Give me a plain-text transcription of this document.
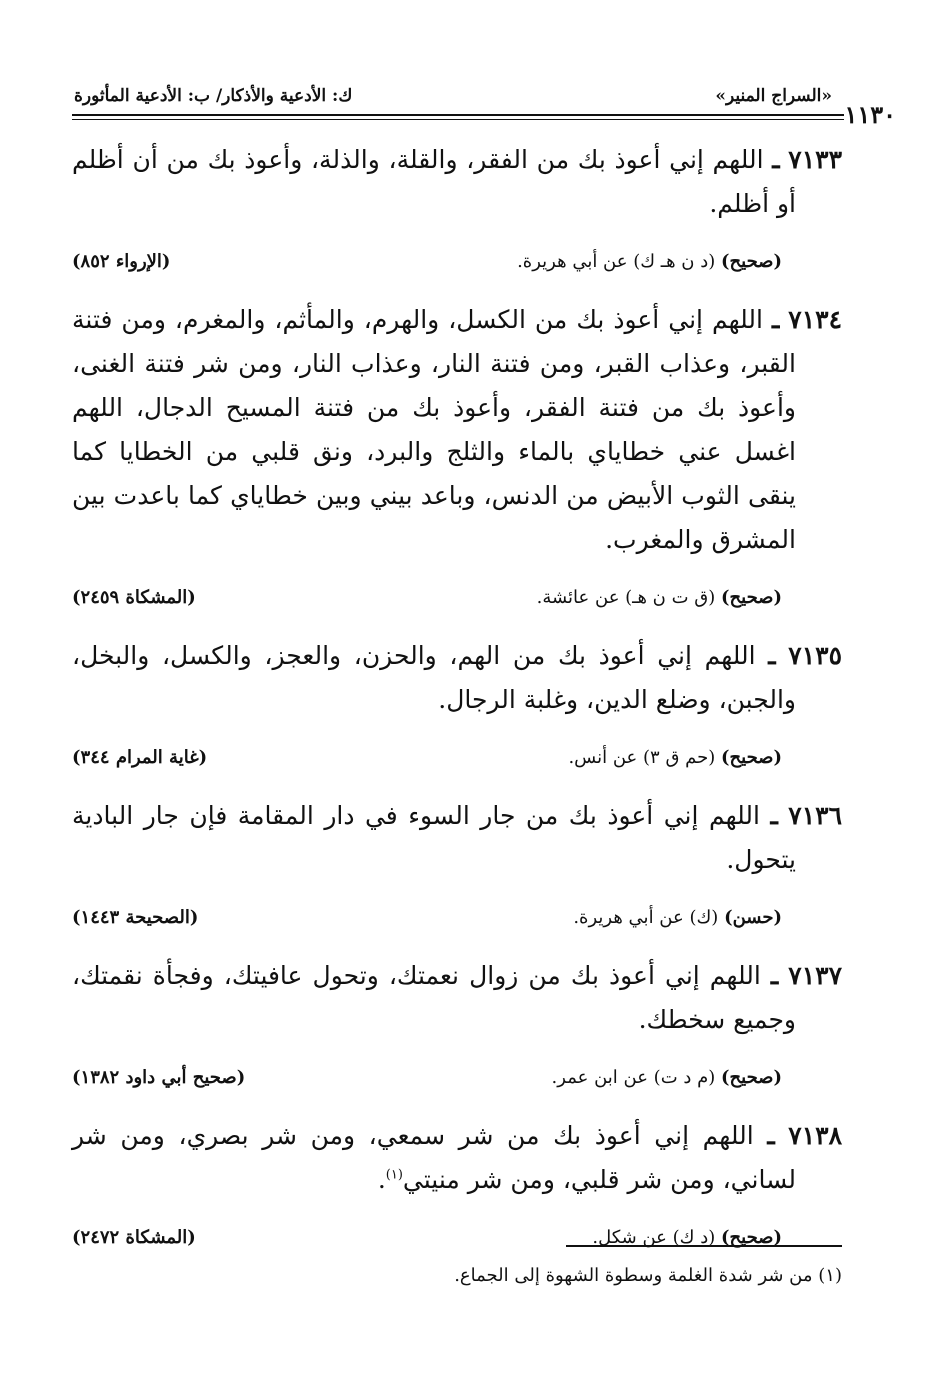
١١٣٠
«السراج المنير»
ك: الأدعية والأذكار/ ب: الأدعية المأثورة

٧١٣٣ ـ اللهم إني أعوذ بك من الفقر، والقلة، والذلة، وأعوذ بك من أن أظلم أو أظلم.

(صحيح) (د ن هـ ك) عن أبي هريرة.
(الإرواء ٨٥٢)

٧١٣٤ ـ اللهم إني أعوذ بك من الكسل، والهرم، والمأثم، والمغرم، ومن فتنة القبر، وعذاب القبر، ومن فتنة النار، وعذاب النار، ومن شر فتنة الغنى، وأعوذ بك من فتنة الفقر، وأعوذ بك من فتنة المسيح الدجال، اللهم اغسل عني خطاياي بالماء والثلج والبرد، ونق قلبي من الخطايا كما ينقى الثوب الأبيض من الدنس، وباعد بيني وبين خطاياي كما باعدت بين المشرق والمغرب.

(صحيح) (ق ت ن هـ) عن عائشة.
(المشكاة ٢٤٥٩)

٧١٣٥ ـ اللهم إني أعوذ بك من الهم، والحزن، والعجز، والكسل، والبخل، والجبن، وضلع الدين، وغلبة الرجال.

(صحيح) (حم ق ٣) عن أنس.
(غاية المرام ٣٤٤)

٧١٣٦ ـ اللهم إني أعوذ بك من جار السوء في دار المقامة فإن جار البادية يتحول.

(حسن) (ك) عن أبي هريرة.
(الصحيحة ١٤٤٣)

٧١٣٧ ـ اللهم إني أعوذ بك من زوال نعمتك، وتحول عافيتك، وفجأة نقمتك، وجميع سخطك.

(صحيح) (م د ت) عن ابن عمر.
(صحيح أبي داود ١٣٨٢)

٧١٣٨ ـ اللهم إني أعوذ بك من شر سمعي، ومن شر بصري، ومن شر لساني، ومن شر قلبي، ومن شر منيتي$^{(١)}$.

(صحيح) (د ك) عن شكل.
(المشكاة ٢٤٧٢)
(١) من شر شدة الغلمة وسطوة الشهوة إلى الجماع.
